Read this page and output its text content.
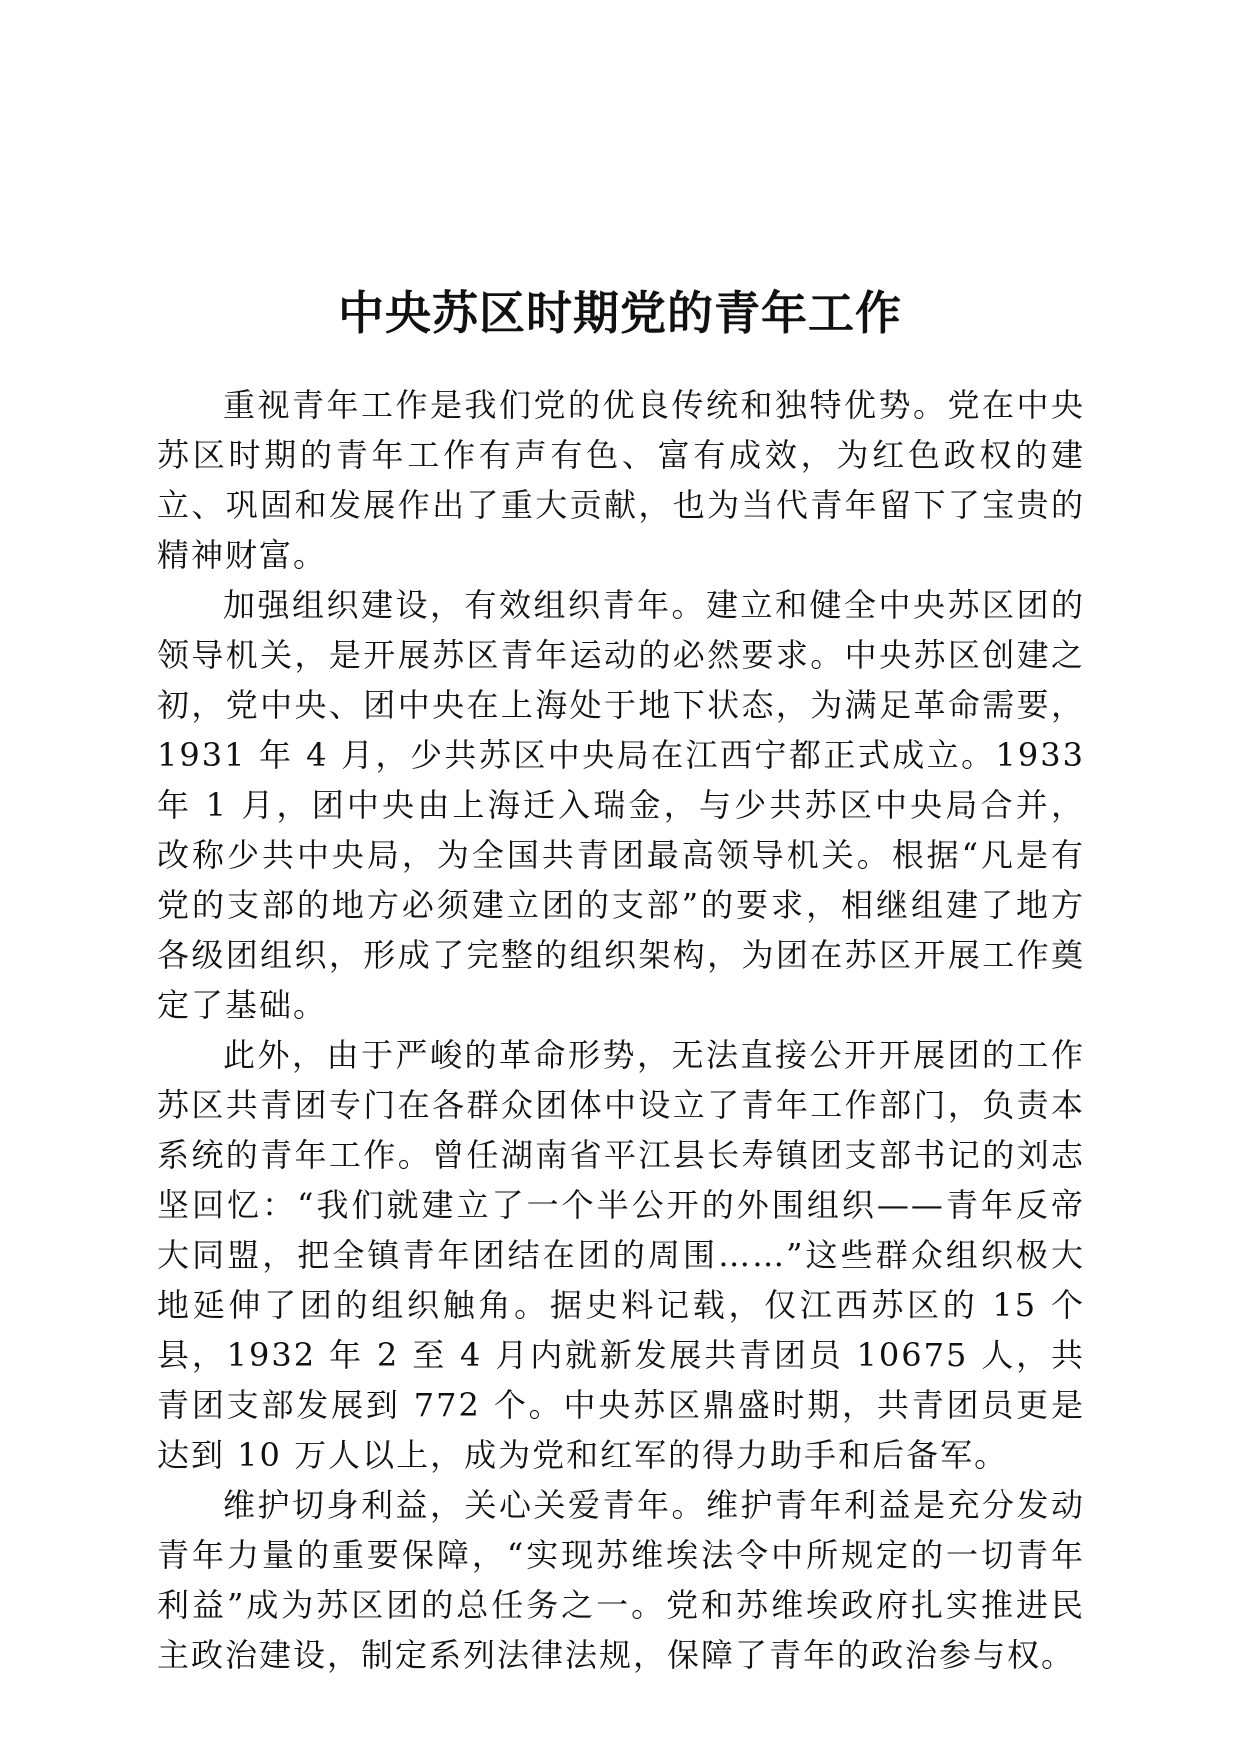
中央苏区时期党的青年工作

重视青年工作是我们党的优良传统和独特优势。党在中央苏区时期的青年工作有声有色、富有成效，为红色政权的建立、巩固和发展作出了重大贡献，也为当代青年留下了宝贵的精神财富。

加强组织建设，有效组织青年。建立和健全中央苏区团的领导机关，是开展苏区青年运动的必然要求。中央苏区创建之初，党中央、团中央在上海处于地下状态，为满足革命需要，1931 年 4 月，少共苏区中央局在江西宁都正式成立。1933 年 1 月，团中央由上海迁入瑞金，与少共苏区中央局合并，改称少共中央局，为全国共青团最高领导机关。根据“凡是有党的支部的地方必须建立团的支部”的要求，相继组建了地方各级团组织，形成了完整的组织架构，为团在苏区开展工作奠定了基础。

此外，由于严峻的革命形势，无法直接公开开展团的工作苏区共青团专门在各群众团体中设立了青年工作部门，负责本系统的青年工作。曾任湖南省平江县长寿镇团支部书记的刘志坚回忆：“我们就建立了一个半公开的外围组织——青年反帝大同盟，把全镇青年团结在团的周围……”这些群众组织极大地延伸了团的组织触角。据史料记载，仅江西苏区的 15 个县，1932 年 2 至 4 月内就新发展共青团员 10675 人，共青团支部发展到 772 个。中央苏区鼎盛时期，共青团员更是达到 10 万人以上，成为党和红军的得力助手和后备军。

维护切身利益，关心关爱青年。维护青年利益是充分发动青年力量的重要保障，“实现苏维埃法令中所规定的一切青年利益”成为苏区团的总任务之一。党和苏维埃政府扎实推进民主政治建设，制定系列法律法规，保障了青年的政治参与权。
